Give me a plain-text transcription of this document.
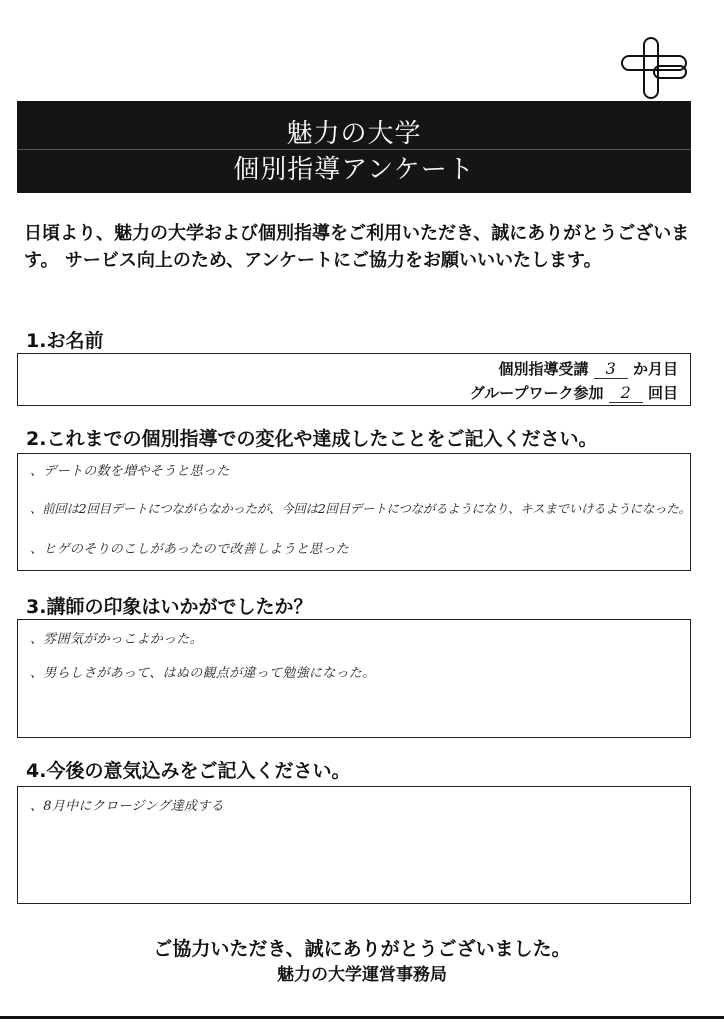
魅力の大学
個別指導アンケート
日頃より、魅力の大学および個別指導をご利用いただき、誠にありがとうございます。 サービス向上のため、アンケートにご協力をお願いいいたします。
1.お名前
個別指導受講 3 か月目
グループワーク参加 2 回目
2.これまでの個別指導での変化や達成したことをご記入ください。
、デートの数を増やそうと思った
、前回は2回目デートにつながらなかったが、今回は2回目デートにつながるようになり、キスまでいけるようになった。
、ヒゲのそりのこしがあったので改善しようと思った
3.講師の印象はいかがでしたか？
、雰囲気がかっこよかった。
、男らしさがあって、はぬの観点が違って勉強になった。
4.今後の意気込みをご記入ください。
、8月中にクロージング達成する
ご協力いただき、誠にありがとうございました。
魅力の大学運営事務局
